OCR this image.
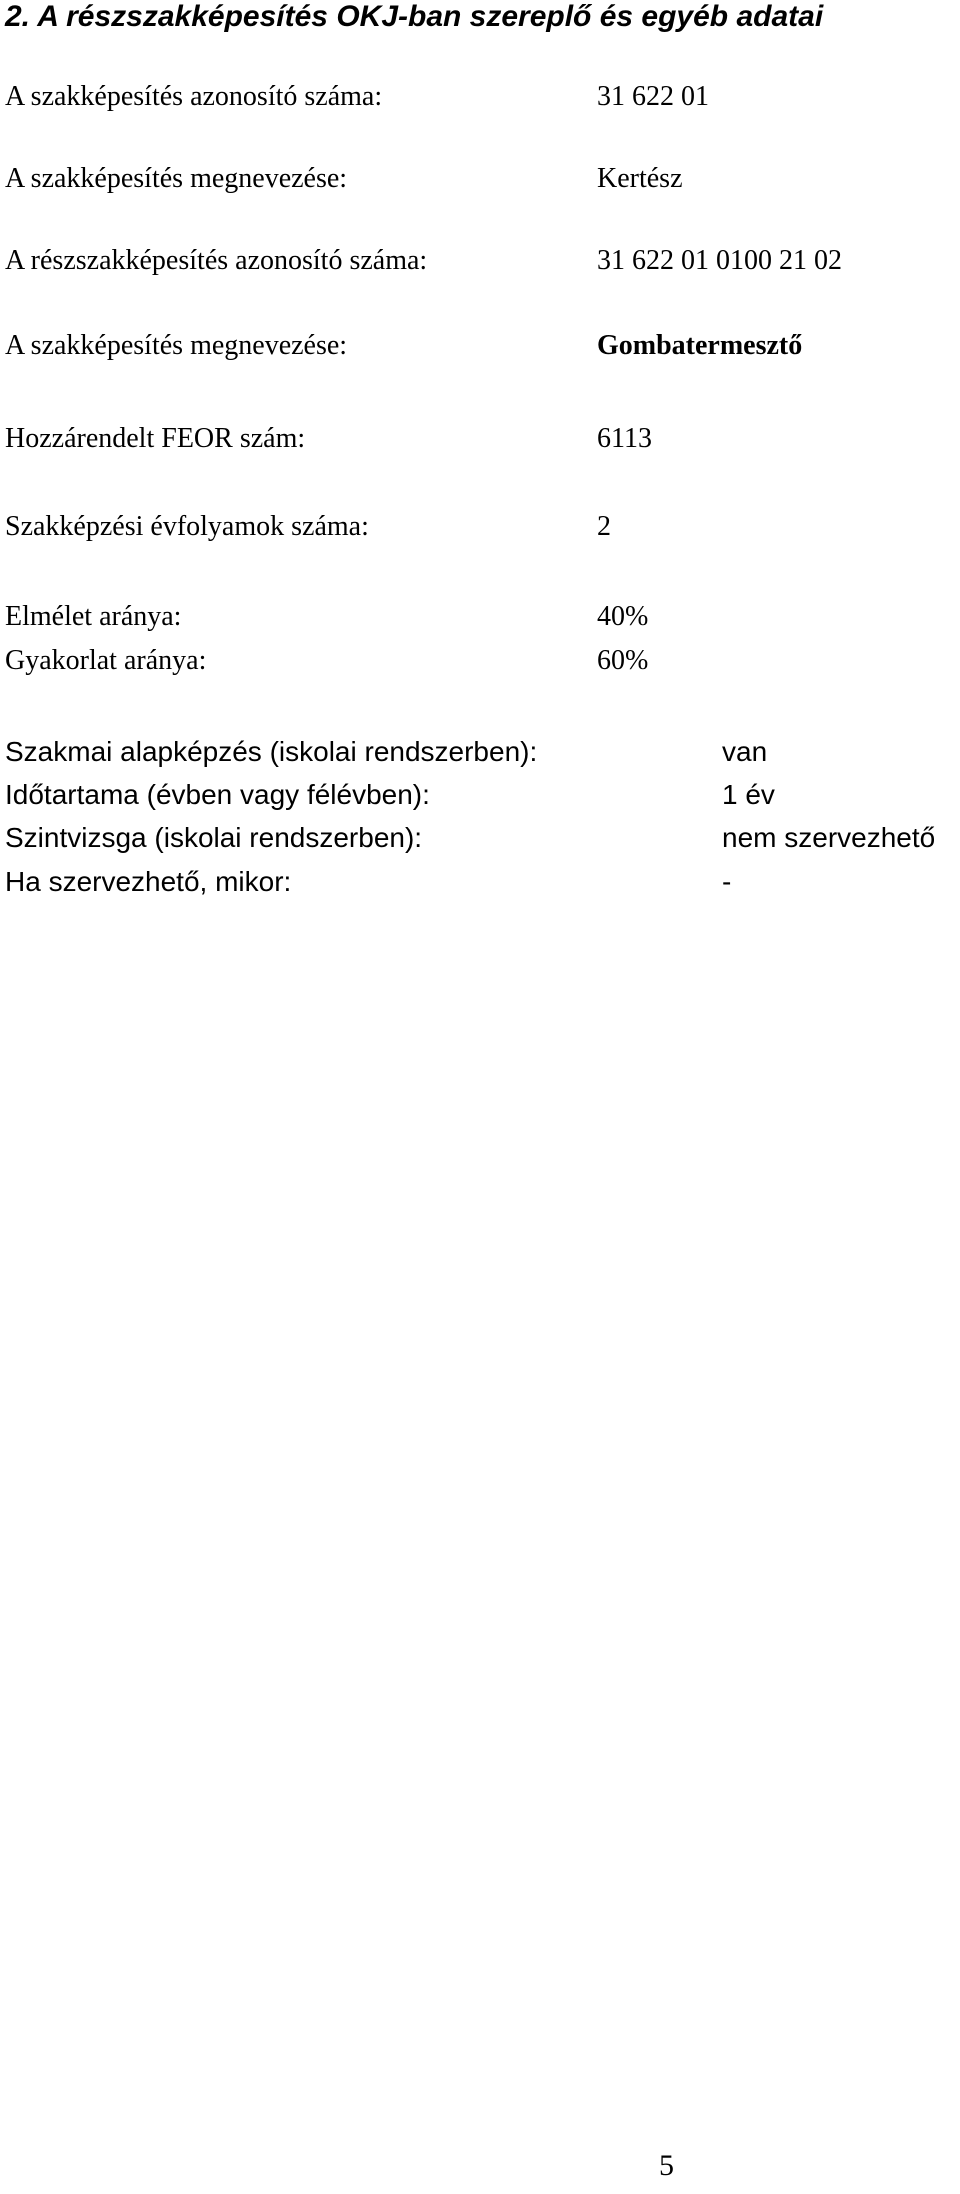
2. A részszakképesítés OKJ-ban szereplő és egyéb adatai
A szakképesítés azonosító száma:	31 622 01
A szakképesítés megnevezése:	Kertész
A részszakképesítés azonosító száma:	31 622 01 0100 21 02
A szakképesítés megnevezése:	Gombatermesztő
Hozzárendelt FEOR szám:	6113
Szakképzési évfolyamok száma:	2
Elmélet aránya:	40%
Gyakorlat aránya:	60%
Szakmai alapképzés (iskolai rendszerben):	van
Időtartama (évben vagy félévben):	1 év
Szintvizsga (iskolai rendszerben):	nem szervezhető
Ha szervezhető, mikor:	-
5
